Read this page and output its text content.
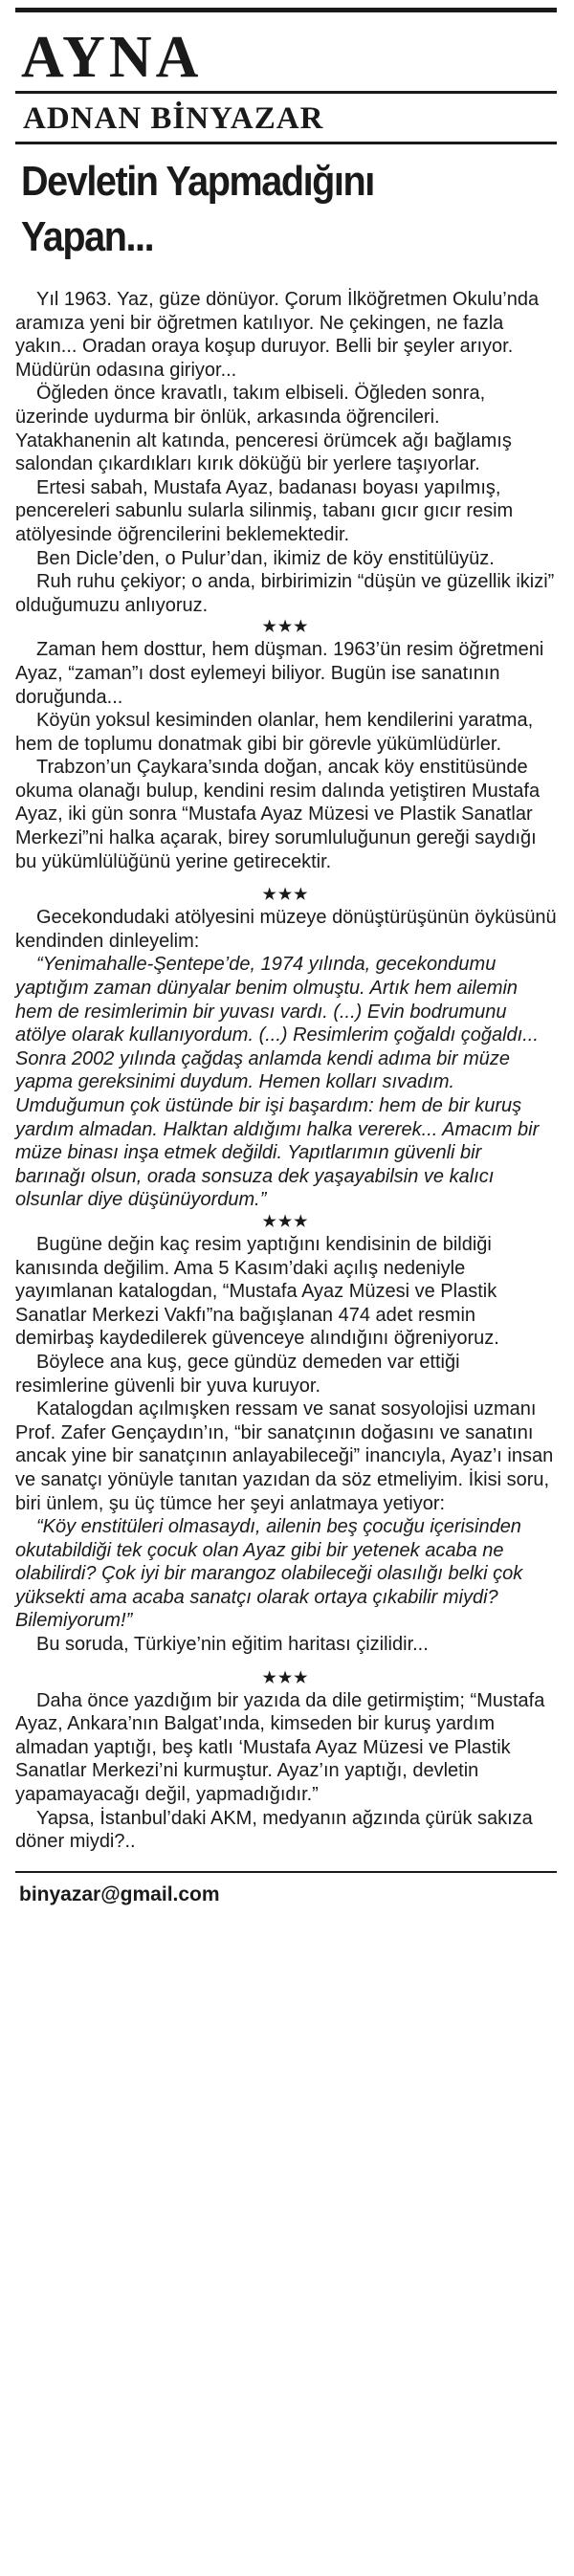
AYNA
ADNAN BİNYAZAR
Devletin Yapmadığını
Yapan...

Yıl 1963. Yaz, güze dönüyor. Çorum İlköğretmen Okulu’nda aramıza yeni bir öğretmen katılıyor. Ne çekingen, ne fazla yakın... Oradan oraya koşup duruyor. Belli bir şeyler arıyor. Müdürün odasına giriyor...

Öğleden önce kravatlı, takım elbiseli. Öğleden sonra, üzerinde uydurma bir önlük, arkasında öğrencileri. Yatakhanenin alt katında, penceresi örümcek ağı bağlamış salondan çıkardıkları kırık döküğü bir yerlere taşıyorlar.

Ertesi sabah, Mustafa Ayaz, badanası boyası yapılmış, pencereleri sabunlu sularla silinmiş, tabanı gıcır gıcır resim atölyesinde öğrencilerini beklemektedir.

Ben Dicle’den, o Pulur’dan, ikimiz de köy enstitülüyüz.

Ruh ruhu çekiyor; o anda, birbirimizin “düşün ve güzellik ikizi” olduğumuzu anlıyoruz.

★★★

Zaman hem dosttur, hem düşman. 1963’ün resim öğretmeni Ayaz, “zaman”ı dost eylemeyi biliyor. Bugün ise sanatının doruğunda...

Köyün yoksul kesiminden olanlar, hem kendilerini yaratma, hem de toplumu donatmak gibi bir görevle yükümlüdürler.

Trabzon’un Çaykara’sında doğan, ancak köy enstitüsünde okuma olanağı bulup, kendini resim dalında yetiştiren Mustafa Ayaz, iki gün sonra “Mustafa Ayaz Müzesi ve Plastik Sanatlar Merkezi”ni halka açarak, birey sorumluluğunun gereği saydığı bu yükümlülüğünü yerine getirecektir.

★★★

Gecekondudaki atölyesini müzeye dönüştürüşünün öyküsünü kendinden dinleyelim:

“Yenimahalle-Şentepe’de, 1974 yılında, gecekondumu yaptığım zaman dünyalar benim olmuştu. Artık hem ailemin hem de resimlerimin bir yuvası vardı. (...) Evin bodrumunu atölye olarak kullanıyordum. (...) Resimlerim çoğaldı çoğaldı... Sonra 2002 yılında çağdaş anlamda kendi adıma bir müze yapma gereksinimi duydum. Hemen kolları sıvadım. Umduğumun çok üstünde bir işi başardım: hem de bir kuruş yardım almadan. Halktan aldığımı halka vererek... Amacım bir müze binası inşa etmek değildi. Yapıtlarımın güvenli bir barınağı olsun, orada sonsuza dek yaşayabilsin ve kalıcı olsunlar diye düşünüyordum.”

★★★

Bugüne değin kaç resim yaptığını kendisinin de bildiği kanısında değilim. Ama 5 Kasım’daki açılış nedeniyle yayımlanan katalogdan, “Mustafa Ayaz Müzesi ve Plastik Sanatlar Merkezi Vakfı”na bağışlanan 474 adet resmin demirbaş kaydedilerek güvenceye alındığını öğreniyoruz.

Böylece ana kuş, gece gündüz demeden var ettiği resimlerine güvenli bir yuva kuruyor.

Katalogdan açılmışken ressam ve sanat sosyolojisi uzmanı Prof. Zafer Gençaydın’ın, “bir sanatçının doğasını ve sanatını ancak yine bir sanatçının anlayabileceği” inancıyla, Ayaz’ı insan ve sanatçı yönüyle tanıtan yazıdan da söz etmeliyim. İkisi soru, biri ünlem, şu üç tümce her şeyi anlatmaya yetiyor:

“Köy enstitüleri olmasaydı, ailenin beş çocuğu içerisinden okutabildiği tek çocuk olan Ayaz gibi bir yetenek acaba ne olabilirdi? Çok iyi bir marangoz olabileceği olasılığı belki çok yüksekti ama acaba sanatçı olarak ortaya çıkabilir miydi? Bilemiyorum!”

Bu soruda, Türkiye’nin eğitim haritası çizilidir...

★★★

Daha önce yazdığım bir yazıda da dile getirmiştim; “Mustafa Ayaz, Ankara’nın Balgat’ında, kimseden bir kuruş yardım almadan yaptığı, beş katlı ‘Mustafa Ayaz Müzesi ve Plastik Sanatlar Merkezi’ni kurmuştur. Ayaz’ın yaptığı, devletin yapamayacağı değil, yapmadığıdır.”

Yapsa, İstanbul’daki AKM, medyanın ağzında çürük sakıza döner miydi?..

binyazar@gmail.com
